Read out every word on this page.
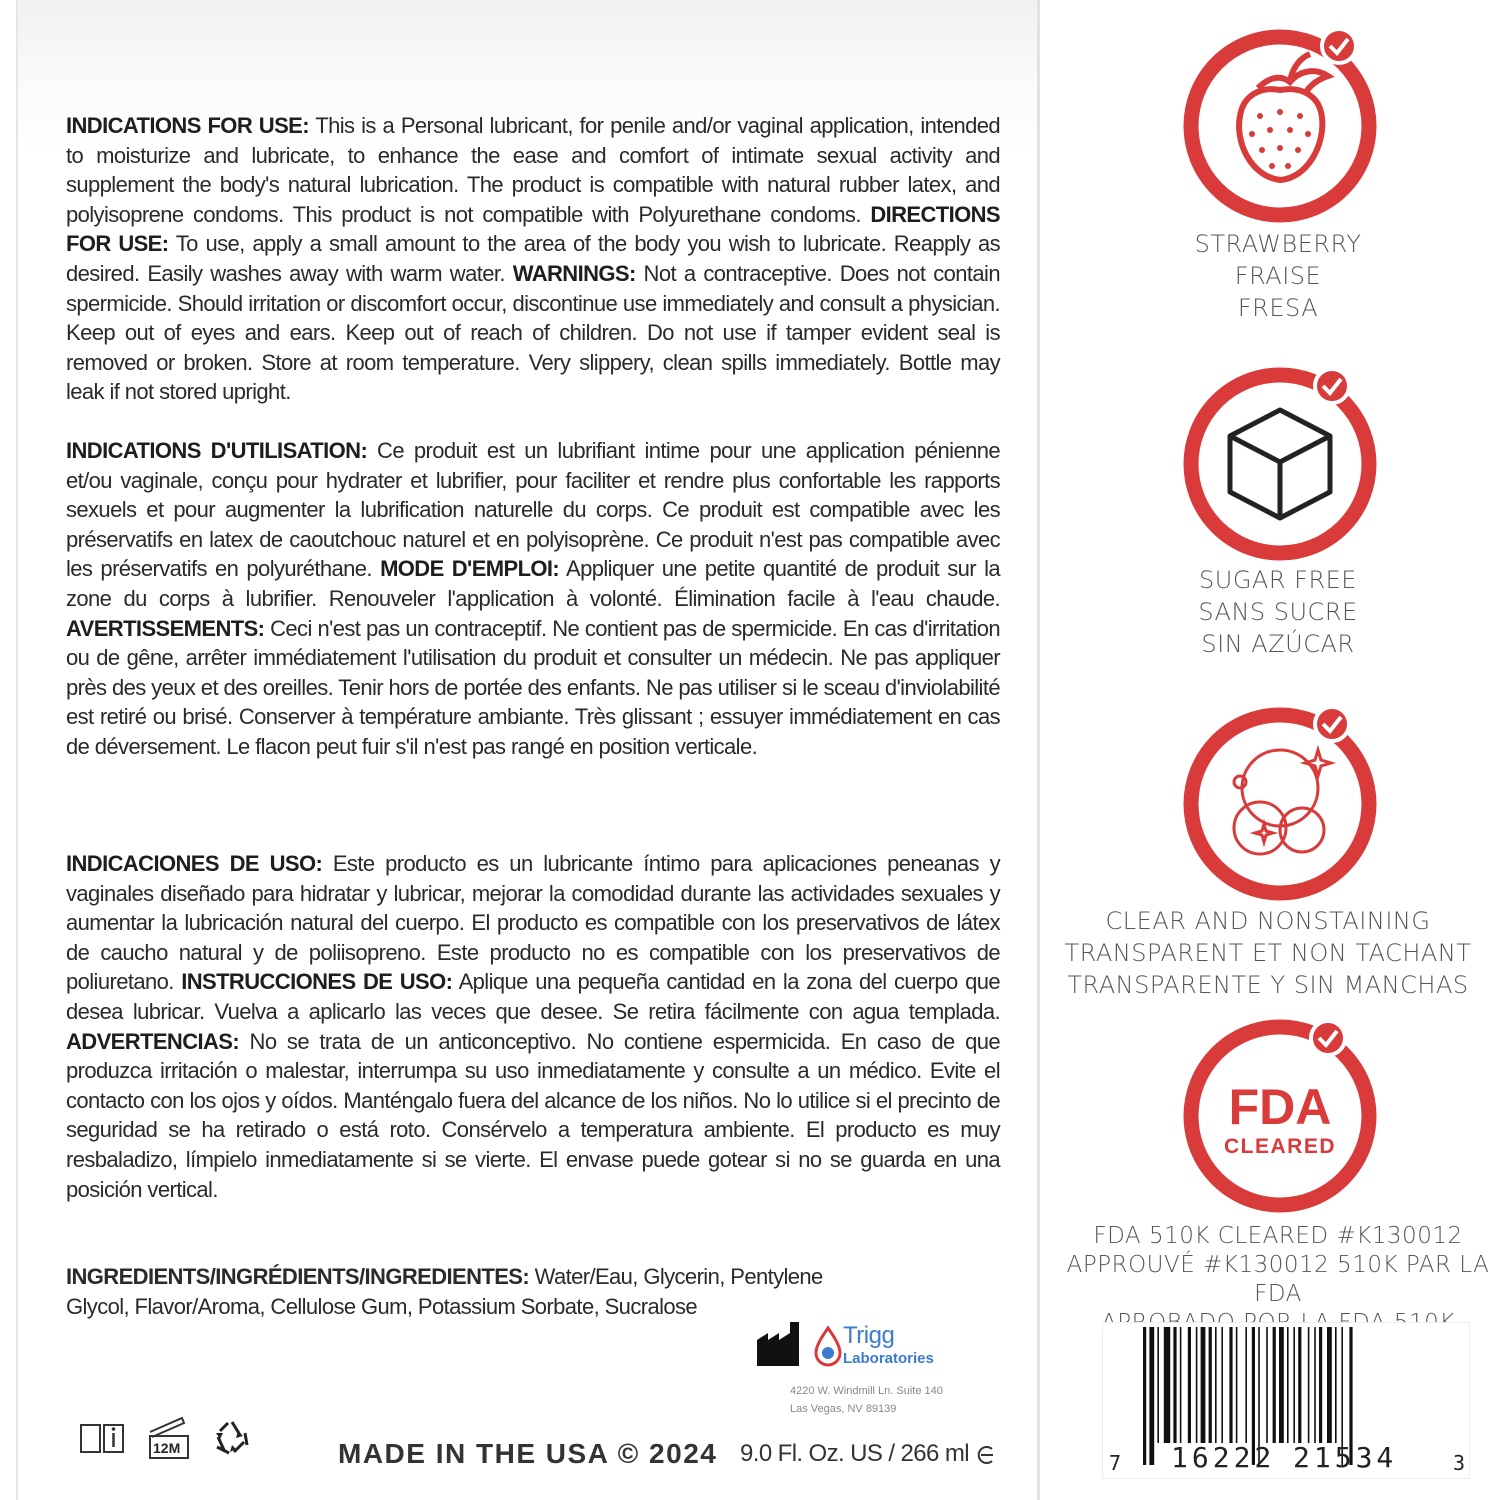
INDICATIONS FOR USE: This is a Personal lubricant, for penile and/or vaginal application, intended to moisturize and lubricate, to enhance the ease and comfort of intimate sexual activity and supplement the body's natural lubrication. The product is compatible with natural rubber latex, and polyisoprene condoms. This product is not compatible with Polyurethane condoms. DIRECTIONS FOR USE: To use, apply a small amount to the area of the body you wish to lubricate. Reapply as desired. Easily washes away with warm water. WARNINGS: Not a contraceptive. Does not contain spermicide. Should irritation or discomfort occur, discontinue use immediately and consult a physician. Keep out of eyes and ears. Keep out of reach of children. Do not use if tamper evident seal is removed or broken. Store at room temperature. Very slippery, clean spills immediately. Bottle may leak if not stored upright.
INDICATIONS D'UTILISATION: Ce produit est un lubrifiant intime pour une application pénienne et/ou vaginale, conçu pour hydrater et lubrifier, pour faciliter et rendre plus confortable les rapports sexuels et pour augmenter la lubrification naturelle du corps. Ce produit est compatible avec les préservatifs en latex de caoutchouc naturel et en polyisoprène. Ce produit n'est pas compatible avec les préservatifs en polyuréthane. MODE D'EMPLOI: Appliquer une petite quantité de produit sur la zone du corps à lubrifier. Renouveler l'application à volonté. Élimination facile à l'eau chaude. AVERTISSEMENTS: Ceci n'est pas un contraceptif. Ne contient pas de spermicide. En cas d'irritation ou de gêne, arrêter immédiatement l'utilisation du produit et consulter un médecin. Ne pas appliquer près des yeux et des oreilles. Tenir hors de portée des enfants. Ne pas utiliser si le sceau d'inviolabilité est retiré ou brisé. Conserver à température ambiante. Très glissant ; essuyer immédiatement en cas de déversement. Le flacon peut fuir s'il n'est pas rangé en position verticale.
INDICACIONES DE USO: Este producto es un lubricante íntimo para aplicaciones peneanas y vaginales diseñado para hidratar y lubricar, mejorar la comodidad durante las actividades sexuales y aumentar la lubricación natural del cuerpo. El producto es compatible con los preservativos de látex de caucho natural y de poliisopreno. Este producto no es compatible con los preservativos de poliuretano. INSTRUCCIONES DE USO: Aplique una pequeña cantidad en la zona del cuerpo que desea lubricar. Vuelva a aplicarlo las veces que desee. Se retira fácilmente con agua templada. ADVERTENCIAS: No se trata de un anticonceptivo. No contiene espermicida. En caso de que produzca irritación o malestar, interrumpa su uso inmediatamente y consulte a un médico. Evite el contacto con los ojos y oídos. Manténgalo fuera del alcance de los niños. No lo utilice si el precinto de seguridad se ha retirado o está roto. Consérvelo a temperatura ambiente. El producto es muy resbaladizo, límpielo inmediatamente si se vierte. El envase puede gotear si no se guarda en una posición vertical.
INGREDIENTS/INGRÉDIENTS/INGREDIENTES: Water/Eau, Glycerin, Pentylene Glycol, Flavor/Aroma, Cellulose Gum, Potassium Sorbate, Sucralose
Trigg
Laboratories
4220 W. Windmill Ln. Suite 140
Las Vegas, NV 89139
12M	MADE IN THE USA © 2024 9.0 Fl. Oz. US / 266 ml
STRAWBERRY
FRAISE
FRESA
SUGAR FREE
SANS SUCRE
SIN AZÚCAR
CLEAR AND NONSTAINING
TRANSPARENT ET NON TACHANT
TRANSPARENTE Y SIN MANCHAS
FDA
CLEARED
FDA 510K CLEARED #K130012
APPROUVÉ #K130012 510K PAR LA FDA
7 16222 21534	3
